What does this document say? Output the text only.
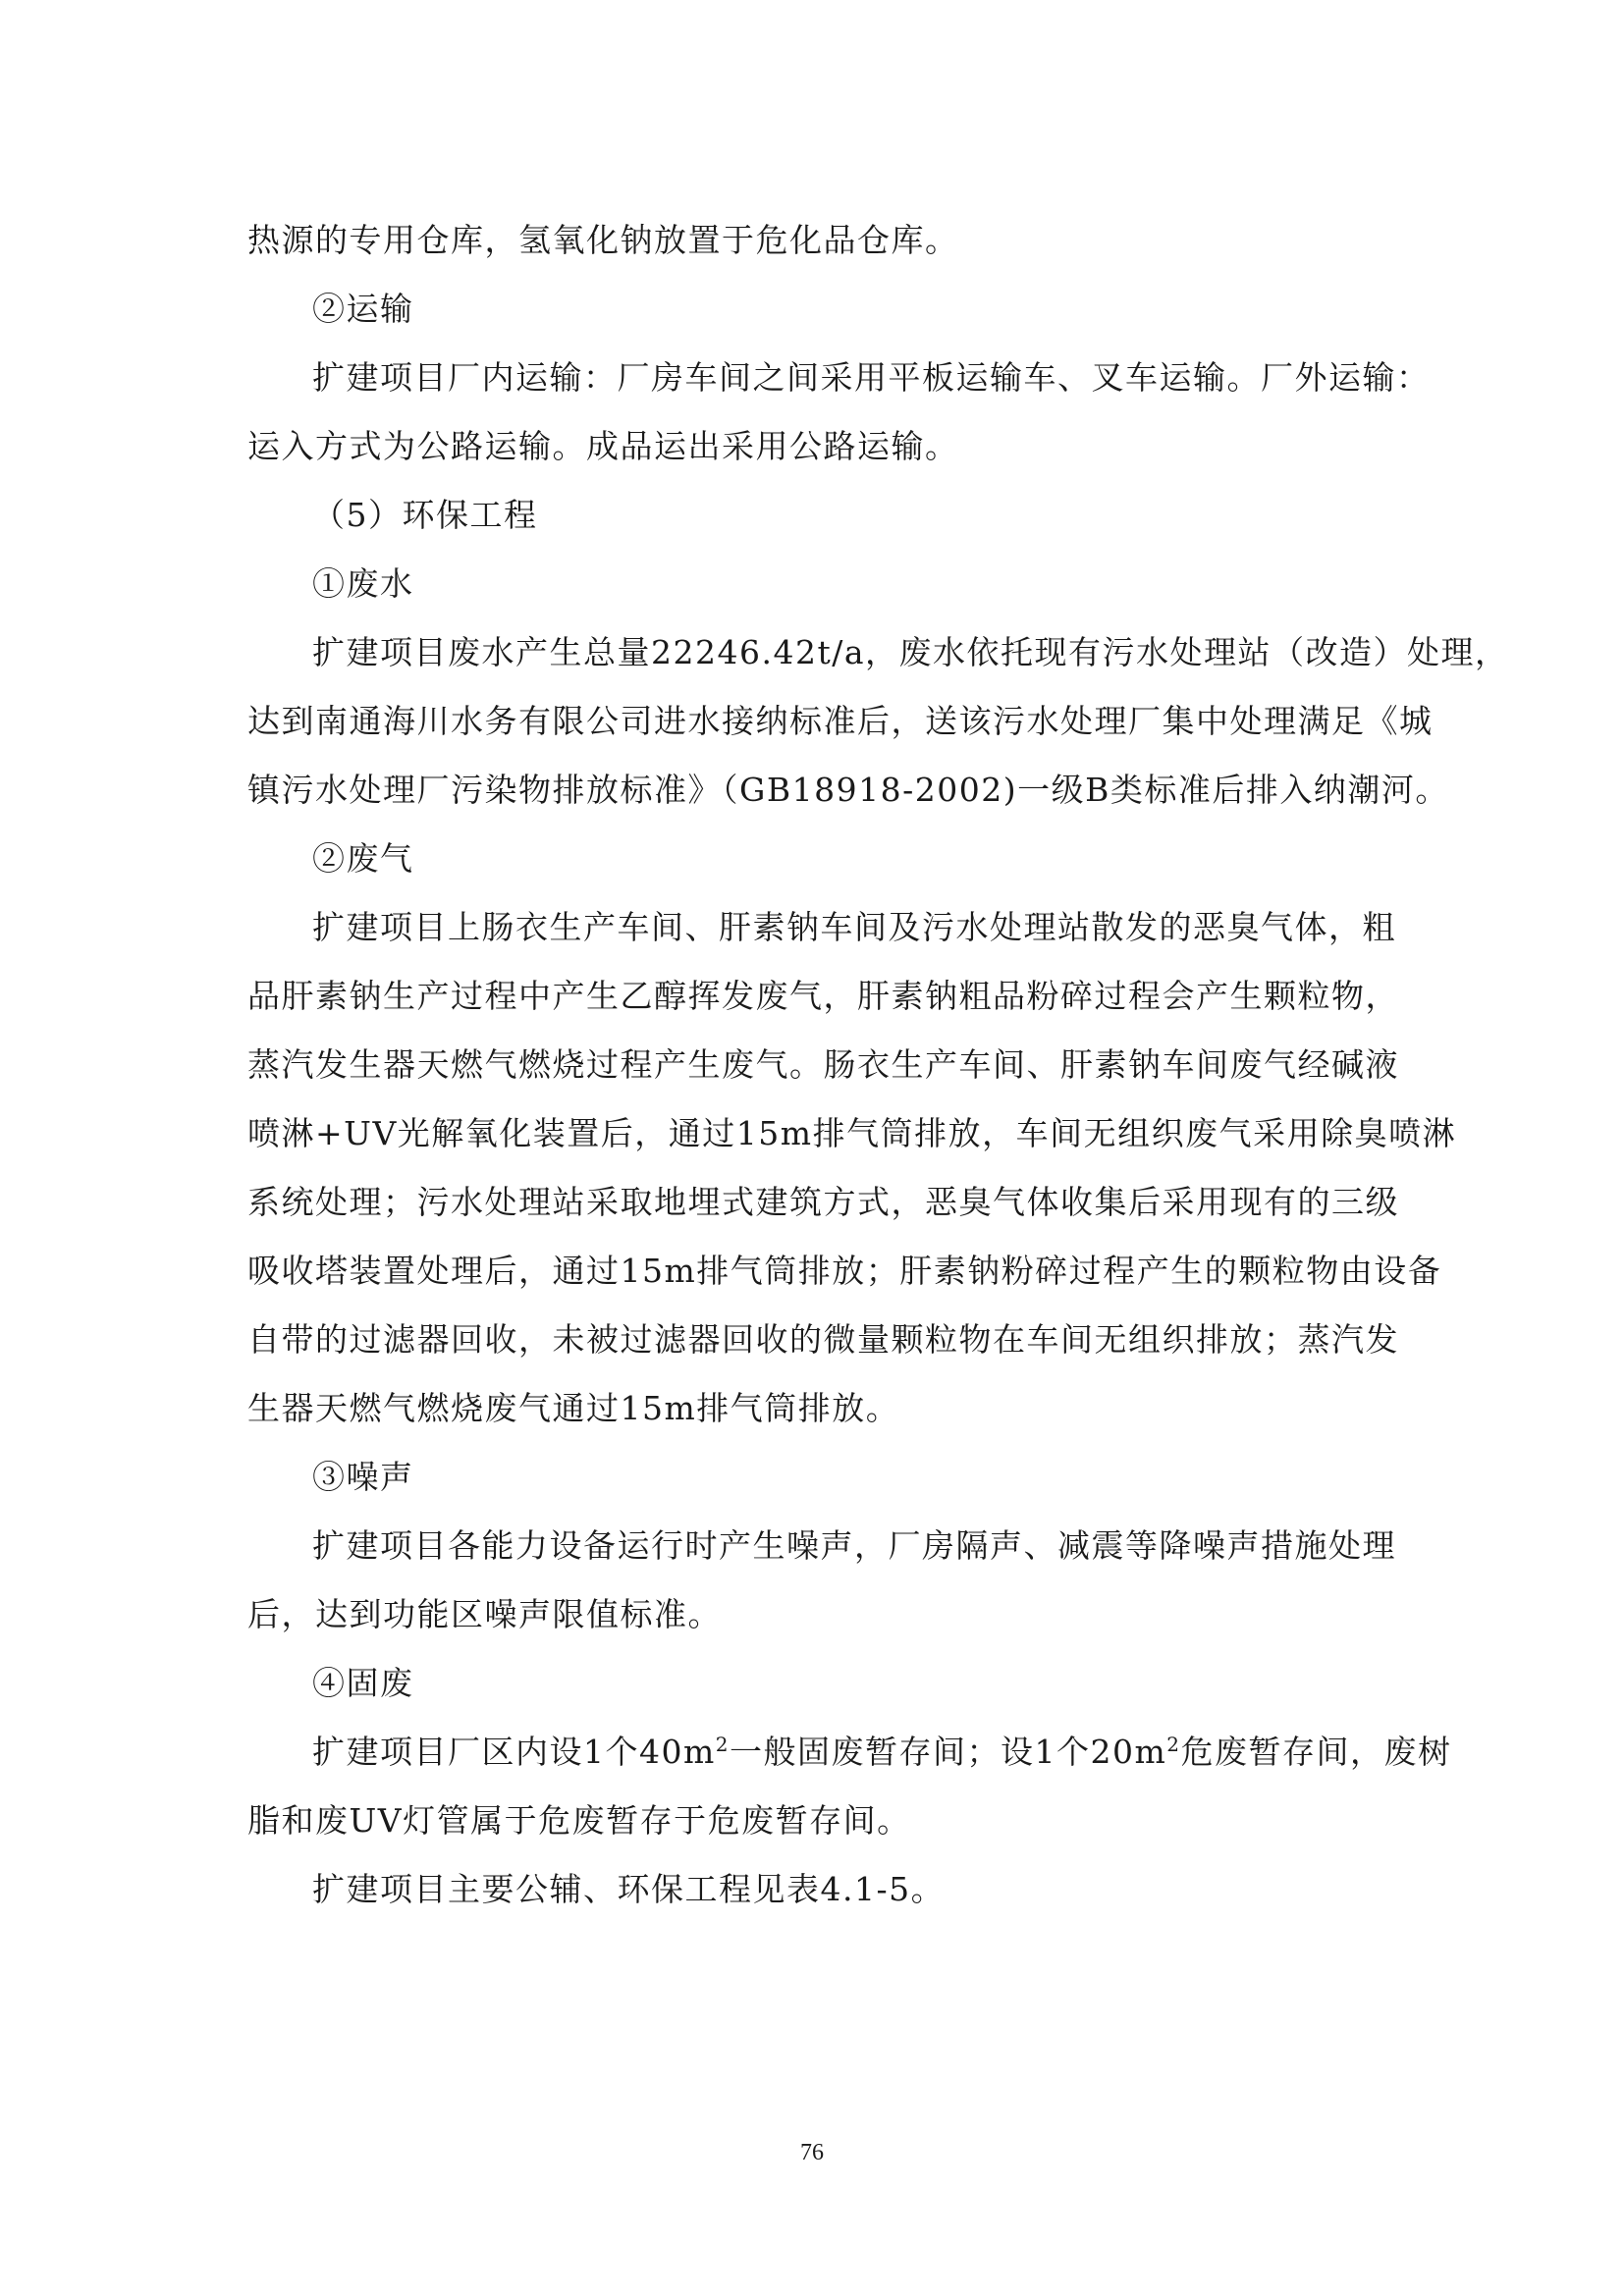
热源的专用仓库，氢氧化钠放置于危化品仓库。
②运输
扩建项目厂内运输：厂房车间之间采用平板运输车、叉车运输。厂外运输：
运入方式为公路运输。成品运出采用公路运输。
（5）环保工程
①废水
扩建项目废水产生总量22246.42t/a，废水依托现有污水处理站（改造）处理，
达到南通海川水务有限公司进水接纳标准后，送该污水处理厂集中处理满足《城
镇污水处理厂污染物排放标准》（GB18918-2002)一级B类标准后排入纳潮河。
②废气
扩建项目上肠衣生产车间、肝素钠车间及污水处理站散发的恶臭气体，粗
品肝素钠生产过程中产生乙醇挥发废气，肝素钠粗品粉碎过程会产生颗粒物，
蒸汽发生器天燃气燃烧过程产生废气。肠衣生产车间、肝素钠车间废气经碱液
喷淋+UV光解氧化装置后，通过15m排气筒排放，车间无组织废气采用除臭喷淋
系统处理；污水处理站采取地埋式建筑方式，恶臭气体收集后采用现有的三级
吸收塔装置处理后，通过15m排气筒排放；肝素钠粉碎过程产生的颗粒物由设备
自带的过滤器回收，未被过滤器回收的微量颗粒物在车间无组织排放；蒸汽发
生器天燃气燃烧废气通过15m排气筒排放。
③噪声
扩建项目各能力设备运行时产生噪声，厂房隔声、减震等降噪声措施处理
后，达到功能区噪声限值标准。
④固废
扩建项目厂区内设1个$40m^2$一般固废暂存间；设1个$20m^2$危废暂存间，废树
脂和废UV灯管属于危废暂存于危废暂存间。
扩建项目主要公辅、环保工程见表4.1-5。
76
